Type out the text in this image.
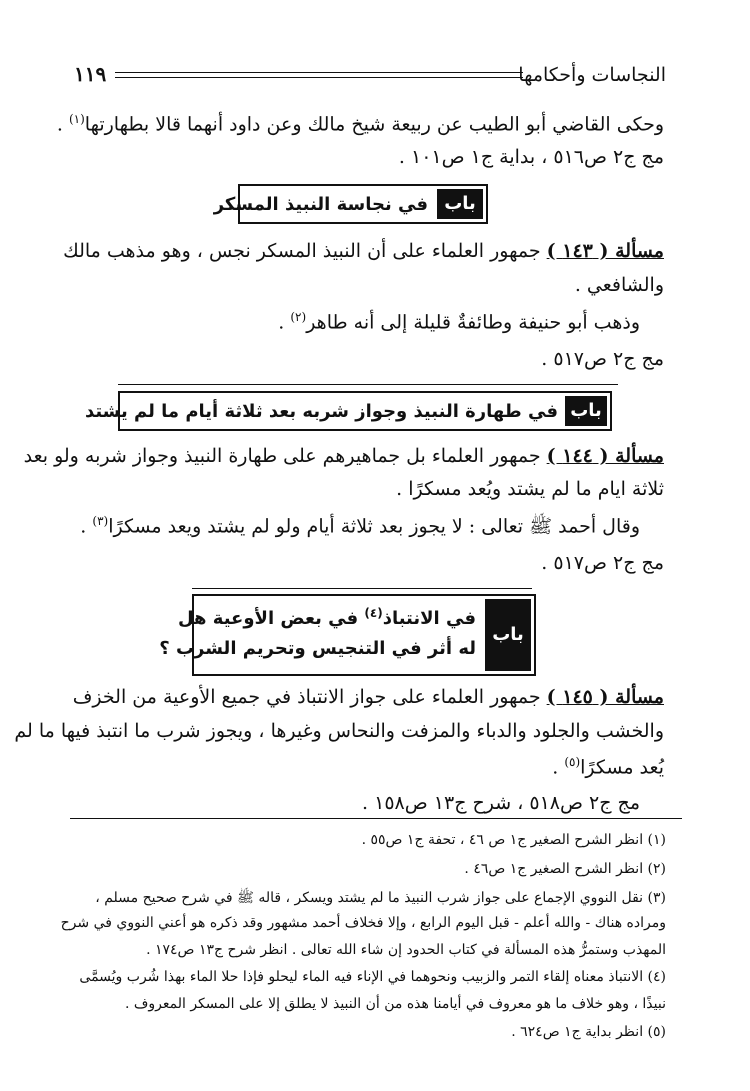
النجاسات وأحكامها
١١٩
وحكى القاضي أبو الطيب عن ربيعة شيخ مالك وعن داود أنهما قالا بطهارتها$^{(١)}$ .
مج ج٢ ص٥١٦ ، بداية ج١ ص١٠١ .
في نجاسة النبيذ المسكر باب
مسألة ( ١٤٣ ) جمهور العلماء على أن النبيذ المسكر نجس ، وهو مذهب مالك
والشافعي .
وذهب أبو حنيفة وطائفةٌ قليلة إلى أنه طاهر$^{(٢)}$ .
مج ج٢ ص٥١٧ .
في طهارة النبيذ وجواز شربه بعد ثلاثة أيام ما لم يشتد باب
مسألة ( ١٤٤ ) جمهور العلماء بل جماهيرهم على طهارة النبيذ وجواز شربه ولو بعد
ثلاثة ايام ما لم يشتد ويُعد مسكرًا .
وقال أحمد ﷺ تعالى : لا يجوز بعد ثلاثة أيام ولو لم يشتد ويعد مسكرًا$^{(٣)}$ .
مج ج٢ ص٥١٧ .
في الانتباذ$^{(٤)}$ في بعض الأوعية هل
له أثر في التنجيس وتحريم الشرب ؟
باب
مسألة ( ١٤٥ ) جمهور العلماء على جواز الانتباذ في جميع الأوعية من الخزف
والخشب والجلود والدباء والمزفت والنحاس وغيرها ، ويجوز شرب ما انتبذ فيها ما لم
يُعد مسكرًا$^{(٥)}$ .
مج ج٢ ص٥١٨ ، شرح ج١٣ ص١٥٨ .
(١) انظر الشرح الصغير ج١ ص ٤٦ ، تحفة ج١ ص٥٥ .
(٢) انظر الشرح الصغير ج١ ص٤٦ .
(٣) نقل النووي الإجماع على جواز شرب النبيذ ما لم يشتد ويسكر ، قاله ﷺ في شرح صحيح مسلم ،
ومراده هناك - والله أعلم - قبل اليوم الرابع ، وإلا فخلاف أحمد مشهور وقد ذكره هو أعني النووي في شرح
المهذب وستمرُّ هذه المسألة في كتاب الحدود إن شاء الله تعالى . انظر شرح ج١٣ ص١٧٤ .
(٤) الانتباذ معناه إلقاء التمر والزبيب ونحوهما في الإناء فيه الماء ليحلو فإذا حلا الماء بهذا شُرب ويُسمَّى
نبيذًا ، وهو خلاف ما هو معروف في أيامنا هذه من أن النبيذ لا يطلق إلا على المسكر المعروف .
(٥) انظر بداية ج١ ص٦٢٤ .
